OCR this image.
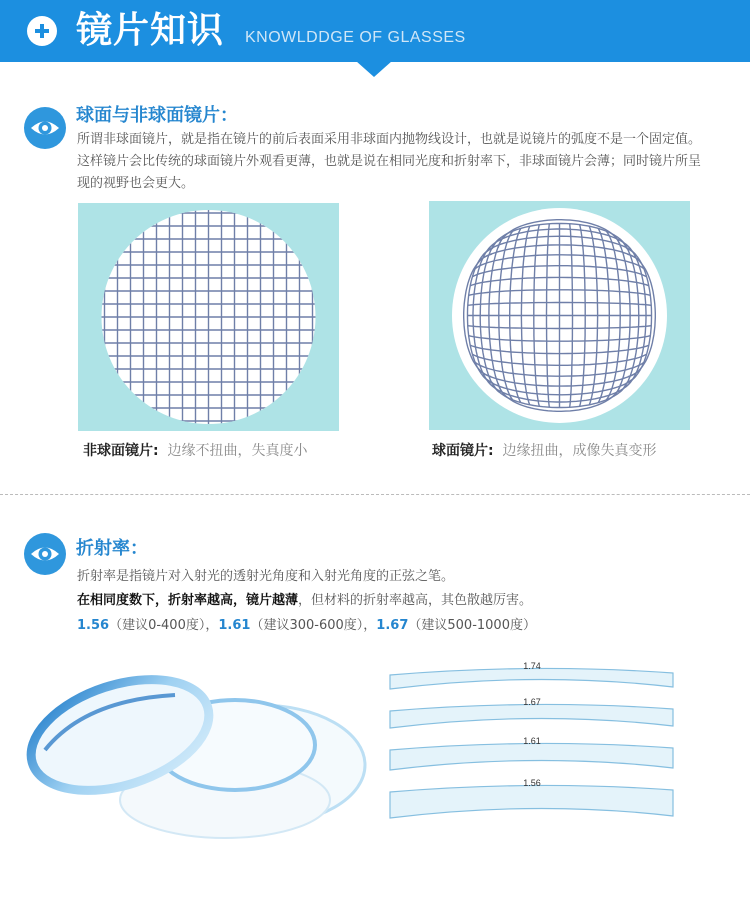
镜片知识 KNOWLDDGE OF GLASSES
球面与非球面镜片：
所谓非球面镜片，就是指在镜片的前后表面采用非球面内抛物线设计，也就是说镜片的弧度不是一个固定值。这样镜片会比传统的球面镜片外观看更薄，也就是说在相同光度和折射率下，非球面镜片会薄；同时镜片所呈现的视野也会更大。
非球面镜片: 边缘不扭曲，失真度小	球面镜片: 边缘扭曲，成像失真变形
折射率：
折射率是指镜片对入射光的透射光角度和入射光角度的正弦之笔。
在相同度数下，折射率越高，镜片越薄，但材料的折射率越高，其色散越厉害。
1.56（建议0-400度），1.61（建议300-600度），1.67（建议500-1000度）
1.74
1.67
1.61
1.56
